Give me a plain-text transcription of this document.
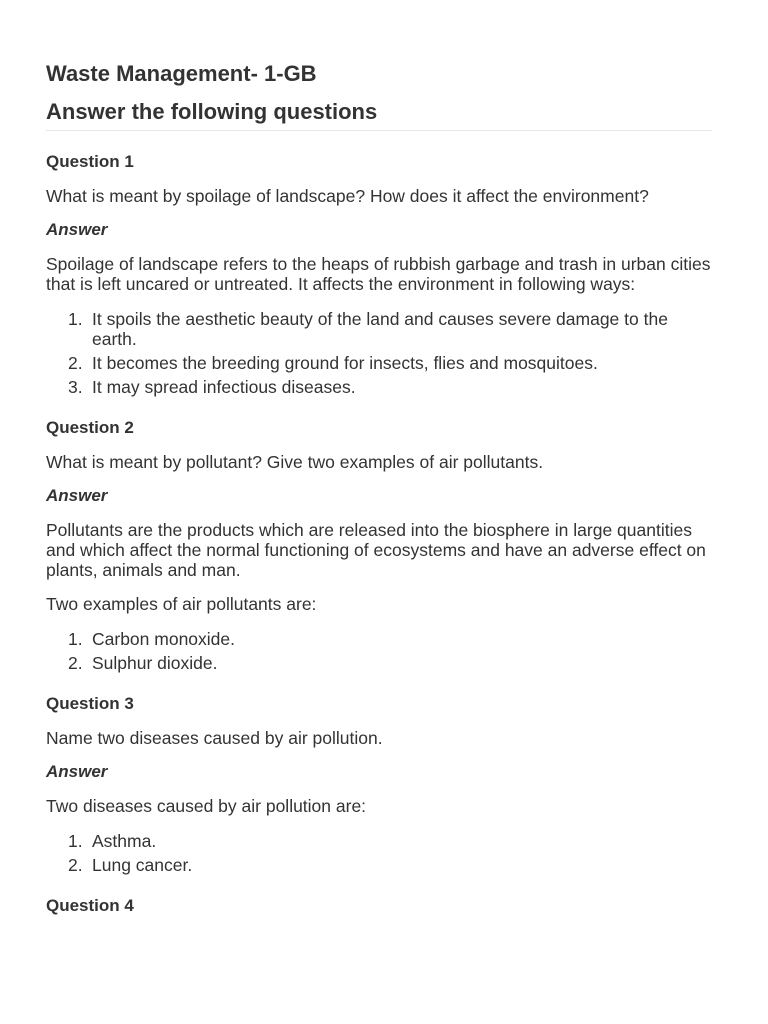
Waste Management- 1-GB
Answer the following questions
Question 1

What is meant by spoilage of landscape? How does it affect the environment?

Answer

Spoilage of landscape refers to the heaps of rubbish garbage and trash in urban cities that is left uncared or untreated. It affects the environment in following ways:

1. It spoils the aesthetic beauty of the land and causes severe damage to the earth.
2. It becomes the breeding ground for insects, flies and mosquitoes.
3. It may spread infectious diseases.
Question 2

What is meant by pollutant? Give two examples of air pollutants.

Answer

Pollutants are the products which are released into the biosphere in large quantities and which affect the normal functioning of ecosystems and have an adverse effect on plants, animals and man.

Two examples of air pollutants are:

1. Carbon monoxide.
2. Sulphur dioxide.
Question 3

Name two diseases caused by air pollution.

Answer

Two diseases caused by air pollution are:

1. Asthma.
2. Lung cancer.
Question 4
